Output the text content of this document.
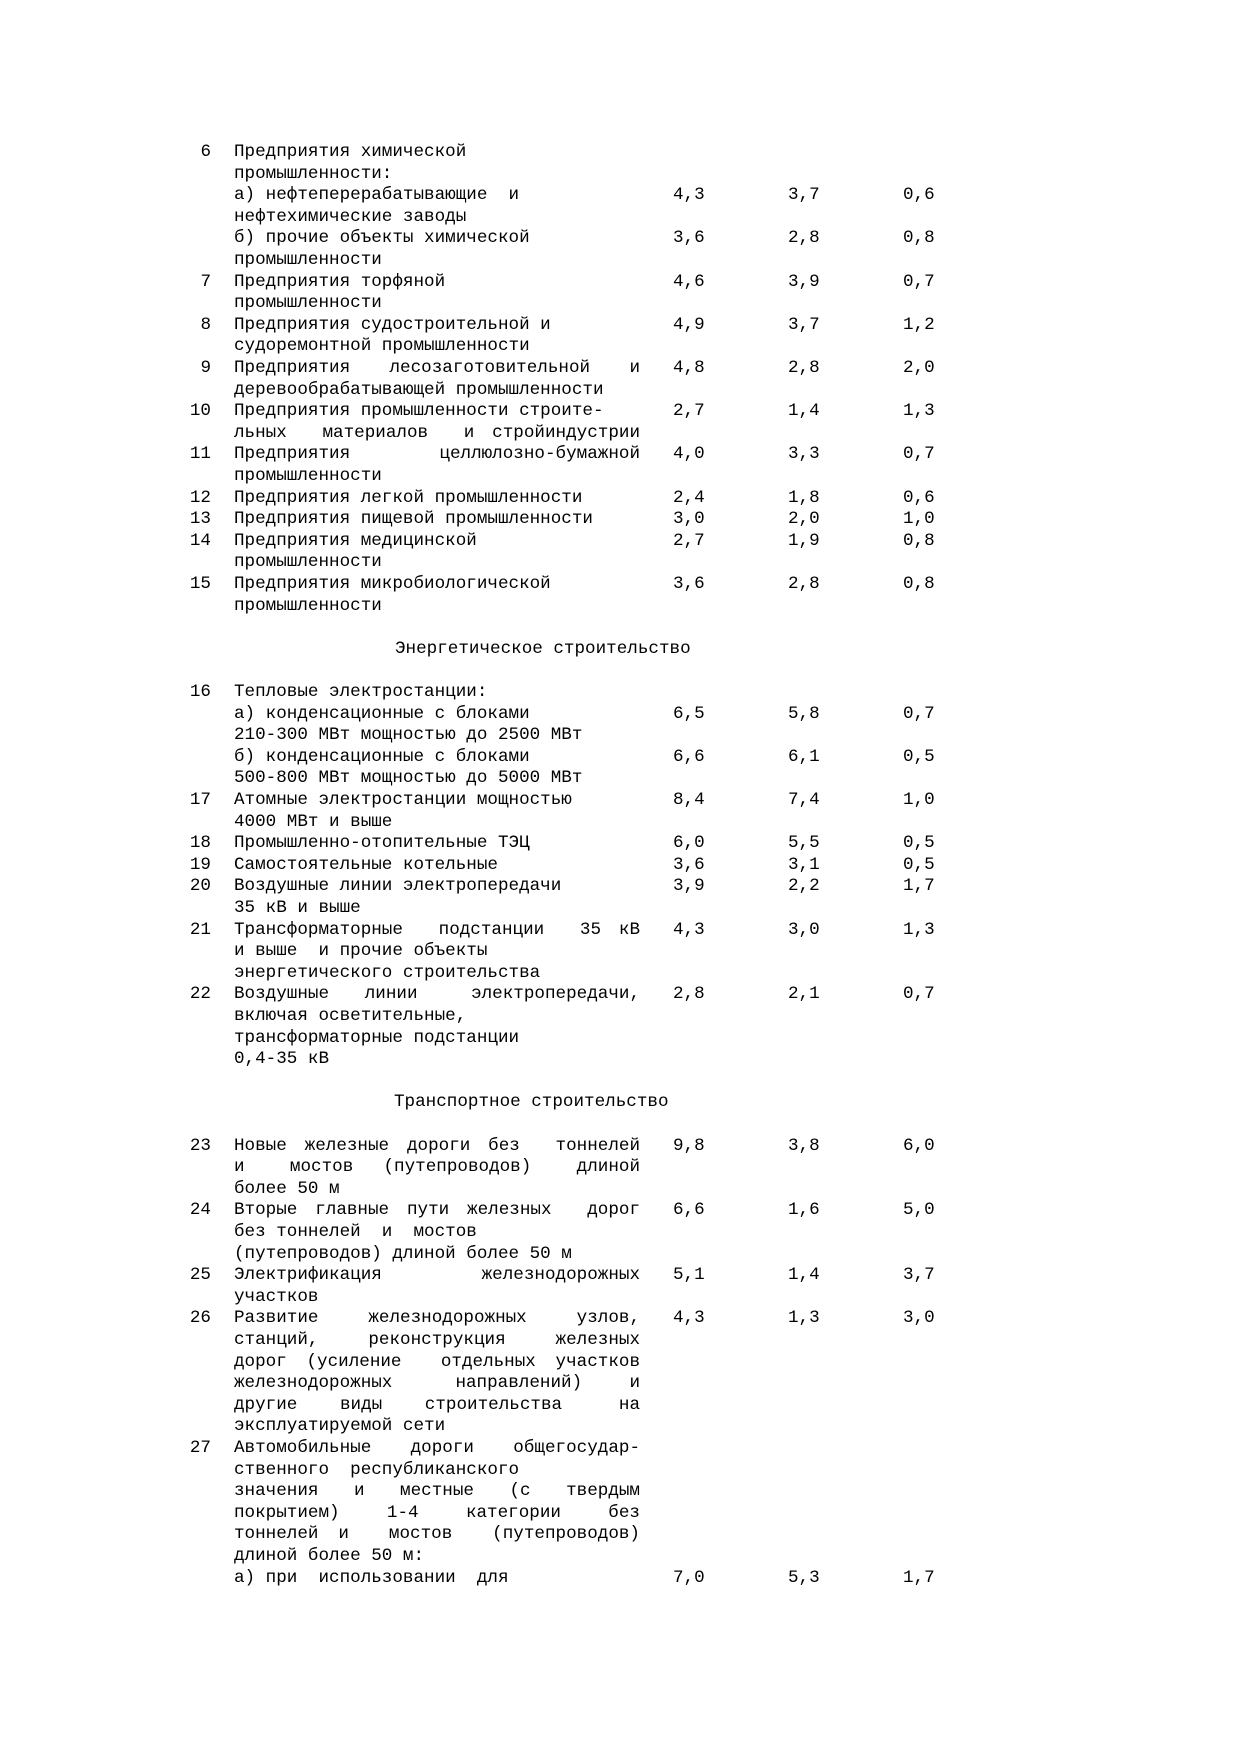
6 Предприятия химической
промышленности:
а) нефтеперерабатывающие  и	4,3	3,7	0,6
нефтехимические заводы
б) прочие объекты химической	3,6	2,8	0,8
промышленности
7 Предприятия торфяной	4,6	3,9	0,7
промышленности
8 Предприятия судостроительной и	4,9	3,7	1,2
судоремонтной промышленности
9 Предприятия  лесозаготовительной  и 4,8	2,8	2,0
деревообрабатывающей промышленности
10 Предприятия промышленности строите-	2,7	1,4	1,3
льных  материалов  и стройиндустрии
11 Предприятия     целлюлозно-бумажной 4,0	3,3	0,7
промышленности
12 Предприятия легкой промышленности	2,4	1,8	0,6
13 Предприятия пищевой промышленности	3,0	2,0	1,0
14 Предприятия медицинской	2,7	1,9	0,8
промышленности
15 Предприятия микробиологической	3,6	2,8	0,8
промышленности
Энергетическое строительство
16 Тепловые электростанции:
а) конденсационные с блоками	6,5	5,8	0,7
210-300 МВт мощностью до 2500 МВт
б) конденсационные с блоками	6,6	6,1	0,5
500-800 МВт мощностью до 5000 МВт
17 Атомные электростанции мощностью	8,4	7,4	1,0
4000 МВт и выше
18 Промышленно-отопительные ТЭЦ	6,0	5,5	0,5
19 Самостоятельные котельные	3,6	3,1	0,5
20 Воздушные линии электропередачи	3,9	2,2	1,7
35 кВ и выше
21 Трансформаторные  подстанции  35 кВ 4,3	3,0	1,3
и выше  и прочие объекты
энергетического строительства
22 Воздушные  линии   электропередачи, 2,8	2,1	0,7
включая осветительные,
трансформаторные подстанции
0,4-35 кВ
Транспортное строительство
23 Новые железные дороги без  тоннелей 9,8	3,8	6,0
и   мостов  (путепроводов)   длиной
более 50 м
24 Вторые главные пути железных  дорог 6,6	1,6	5,0
без тоннелей  и  мостов
(путепроводов) длиной более 50 м
25 Электрификация      железнодорожных 5,1	1,4	3,7
участков
26 Развитие   железнодорожных   узлов, 4,3	1,3	3,0
станций,   реконструкция   железных
дорог (усиление  отдельных участков
железнодорожных    направлений)   и
другие   виды   строительства    на
эксплуатируемой сети
27 Автомобильные  дороги  общегосудар-
ственного  республиканского
значения  и  местные  (с  твердым
покрытием)  1-4  категории  без
тоннелей и  мостов  (путепроводов)
длиной более 50 м:
а) при  использовании  для	7,0	5,3	1,7
